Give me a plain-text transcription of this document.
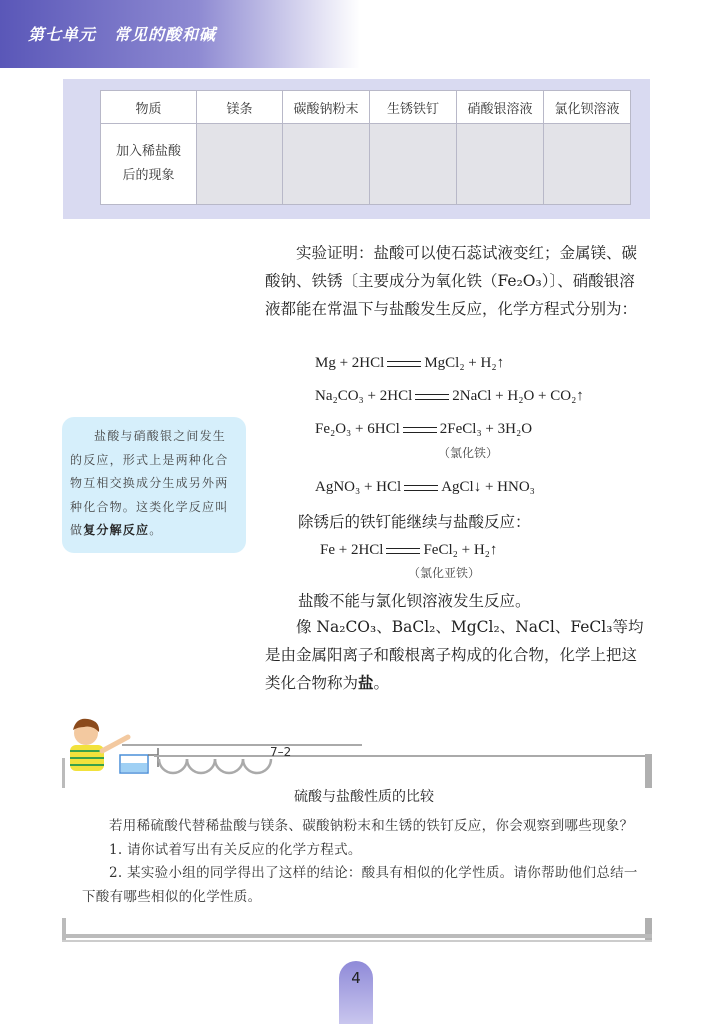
第七单元 常见的酸和碱
物质	镁条	碳酸钠粉末	生锈铁钉	硝酸银溶液	氯化钡溶液
加入稀盐酸
后的现象					
实验证明：盐酸可以使石蕊试液变红；金属镁、碳酸钠、铁锈〔主要成分为氧化铁（Fe₂O₃）〕、硝酸银溶液都能在常温下与盐酸发生反应，化学方程式分别为：
Mg + 2HCl	MgCl₂ + H₂↑
Na₂CO₃ + 2HCl	2NaCl + H₂O + CO₂↑
Fe₂O₃ + 6HCl	2FeCl₃ + 3H₂O
（氯化铁）
AgNO₃ + HCl	AgCl↓ + HNO₃
除锈后的铁钉能继续与盐酸反应：
Fe + 2HCl	FeCl₂ + H₂↑
（氯化亚铁）
盐酸不能与氯化钡溶液发生反应。
像 Na₂CO₃、BaCl₂、MgCl₂、NaCl、FeCl₃等均是由金属阳离子和酸根离子构成的化合物，化学上把这类化合物称为盐。

盐酸与硝酸银之间发生的反应，形式上是两种化合物互相交换成分生成另外两种化合物。这类化学反应叫做复分解反应。

7–2
硫酸与盐酸性质的比较

若用稀硫酸代替稀盐酸与镁条、碳酸钠粉末和生锈的铁钉反应，你会观察到哪些现象？

1. 请你试着写出有关反应的化学方程式。

2. 某实验小组的同学得出了这样的结论：酸具有相似的化学性质。请你帮助他们总结一下酸有哪些相似的化学性质。

4
